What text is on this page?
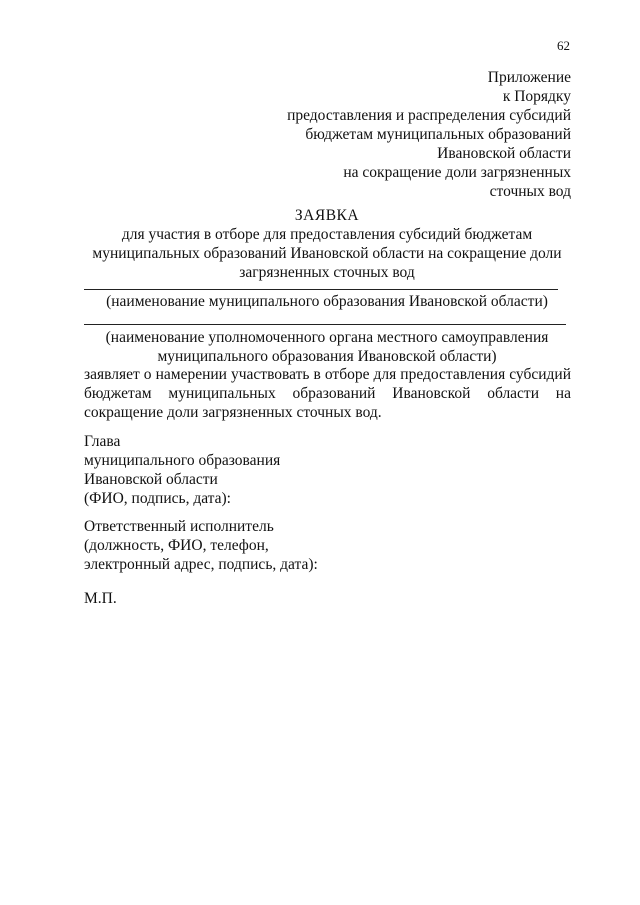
62
Приложение
к Порядку
предоставления и распределения субсидий
бюджетам муниципальных образований
Ивановской области
на сокращение доли загрязненных
сточных вод
ЗАЯВКА
для участия в отборе для предоставления субсидий бюджетам
муниципальных образований Ивановской области на сокращение доли
загрязненных сточных вод
(наименование муниципального образования Ивановской области)
(наименование уполномоченного органа местного самоуправления
муниципального образования Ивановской области)
заявляет о намерении участвовать в отборе для предоставления субсидий
бюджетам муниципальных образований Ивановской области на
сокращение доли загрязненных сточных вод.
Глава
муниципального образования
Ивановской области
(ФИО, подпись, дата):
Ответственный исполнитель
(должность, ФИО, телефон,
электронный адрес, подпись, дата):
М.П.
